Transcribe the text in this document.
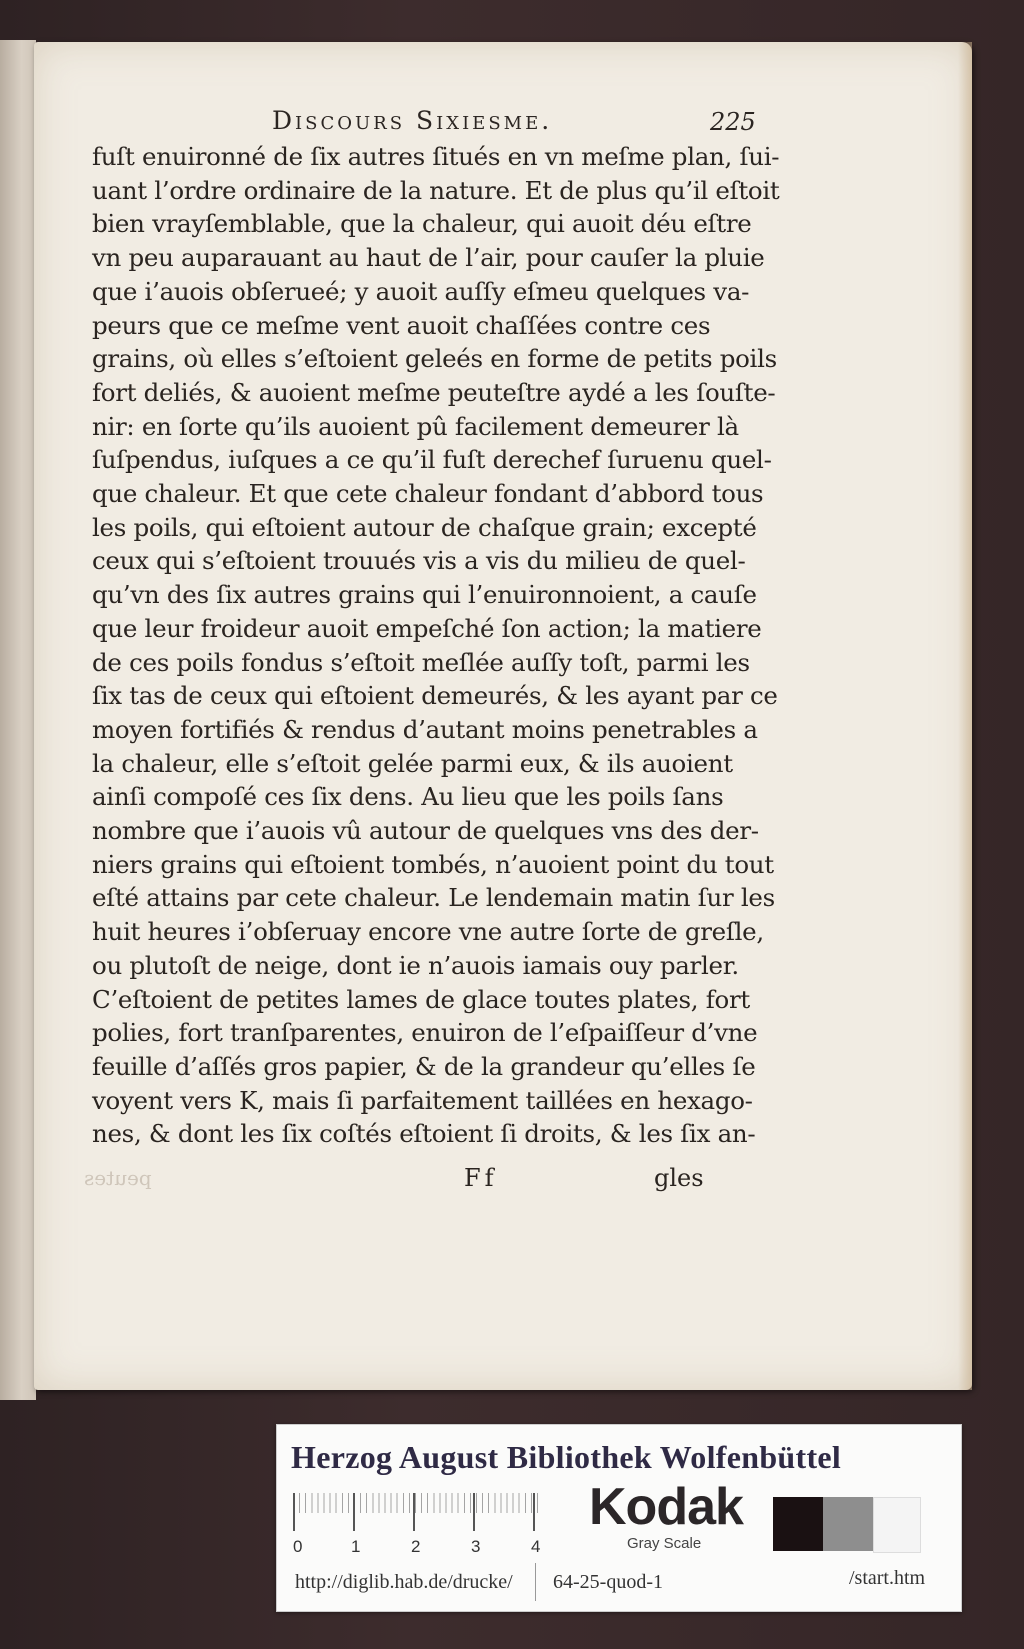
Discours Sixiesme.	225
fuſt enuironné de ſix autres ſitués en vn meſme plan, ſui-
uant l’ordre ordinaire de la nature. Et de plus qu’il eſtoit
bien vrayſemblable, que la chaleur, qui auoit déu eſtre
vn peu auparauant au haut de l’air, pour cauſer la pluie
que i’auois obſerueé; y auoit auſſy eſmeu quelques va-
peurs que ce meſme vent auoit chaſſées contre ces
grains, où elles s’eſtoient geleés en forme de petits poils
fort deliés, & auoient meſme peuteſtre aydé a les ſouſte-
nir: en ſorte qu’ils auoient pû facilement demeurer là
ſuſpendus, iuſques a ce qu’il fuſt derechef ſuruenu quel-
que chaleur. Et que cete chaleur fondant d’abbord tous
les poils, qui eſtoient autour de chaſque grain; excepté
ceux qui s’eſtoient trouués vis a vis du milieu de quel-
qu’vn des ſix autres grains qui l’enuironnoient, a cauſe
que leur froideur auoit empeſché ſon action; la matiere
de ces poils fondus s’eſtoit meſlée auſſy toſt, parmi les
ſix tas de ceux qui eſtoient demeurés, & les ayant par ce
moyen fortifiés & rendus d’autant moins penetrables a
la chaleur, elle s’eſtoit gelée parmi eux, & ils auoient
ainſi compoſé ces ſix dens. Au lieu que les poils ſans
nombre que i’auois vû autour de quelques vns des der-
niers grains qui eſtoient tombés, n’auoient point du tout
eſté attains par cete chaleur. Le lendemain matin ſur les
huit heures i’obſeruay encore vne autre ſorte de greſle,
ou plutoſt de neige, dont ie n’auois iamais ouy parler.
C’eſtoient de petites lames de glace toutes plates, fort
polies, fort tranſparentes, enuiron de l’eſpaiſſeur d’vne
feuille d’aſſés gros papier, & de la grandeur qu’elles ſe
voyent vers K, mais ſi parfaitement taillées en hexago-
nes, & dont les ſix coſtés eſtoient ſi droits, & les ſix an-
peutes	Ff	gles
Herzog August Bibliothek Wolfenbüttel
0	1	2	3	4
Kodak
Gray Scale
http://diglib.hab.de/drucke/ 64-25-quod-1	/start.htm
